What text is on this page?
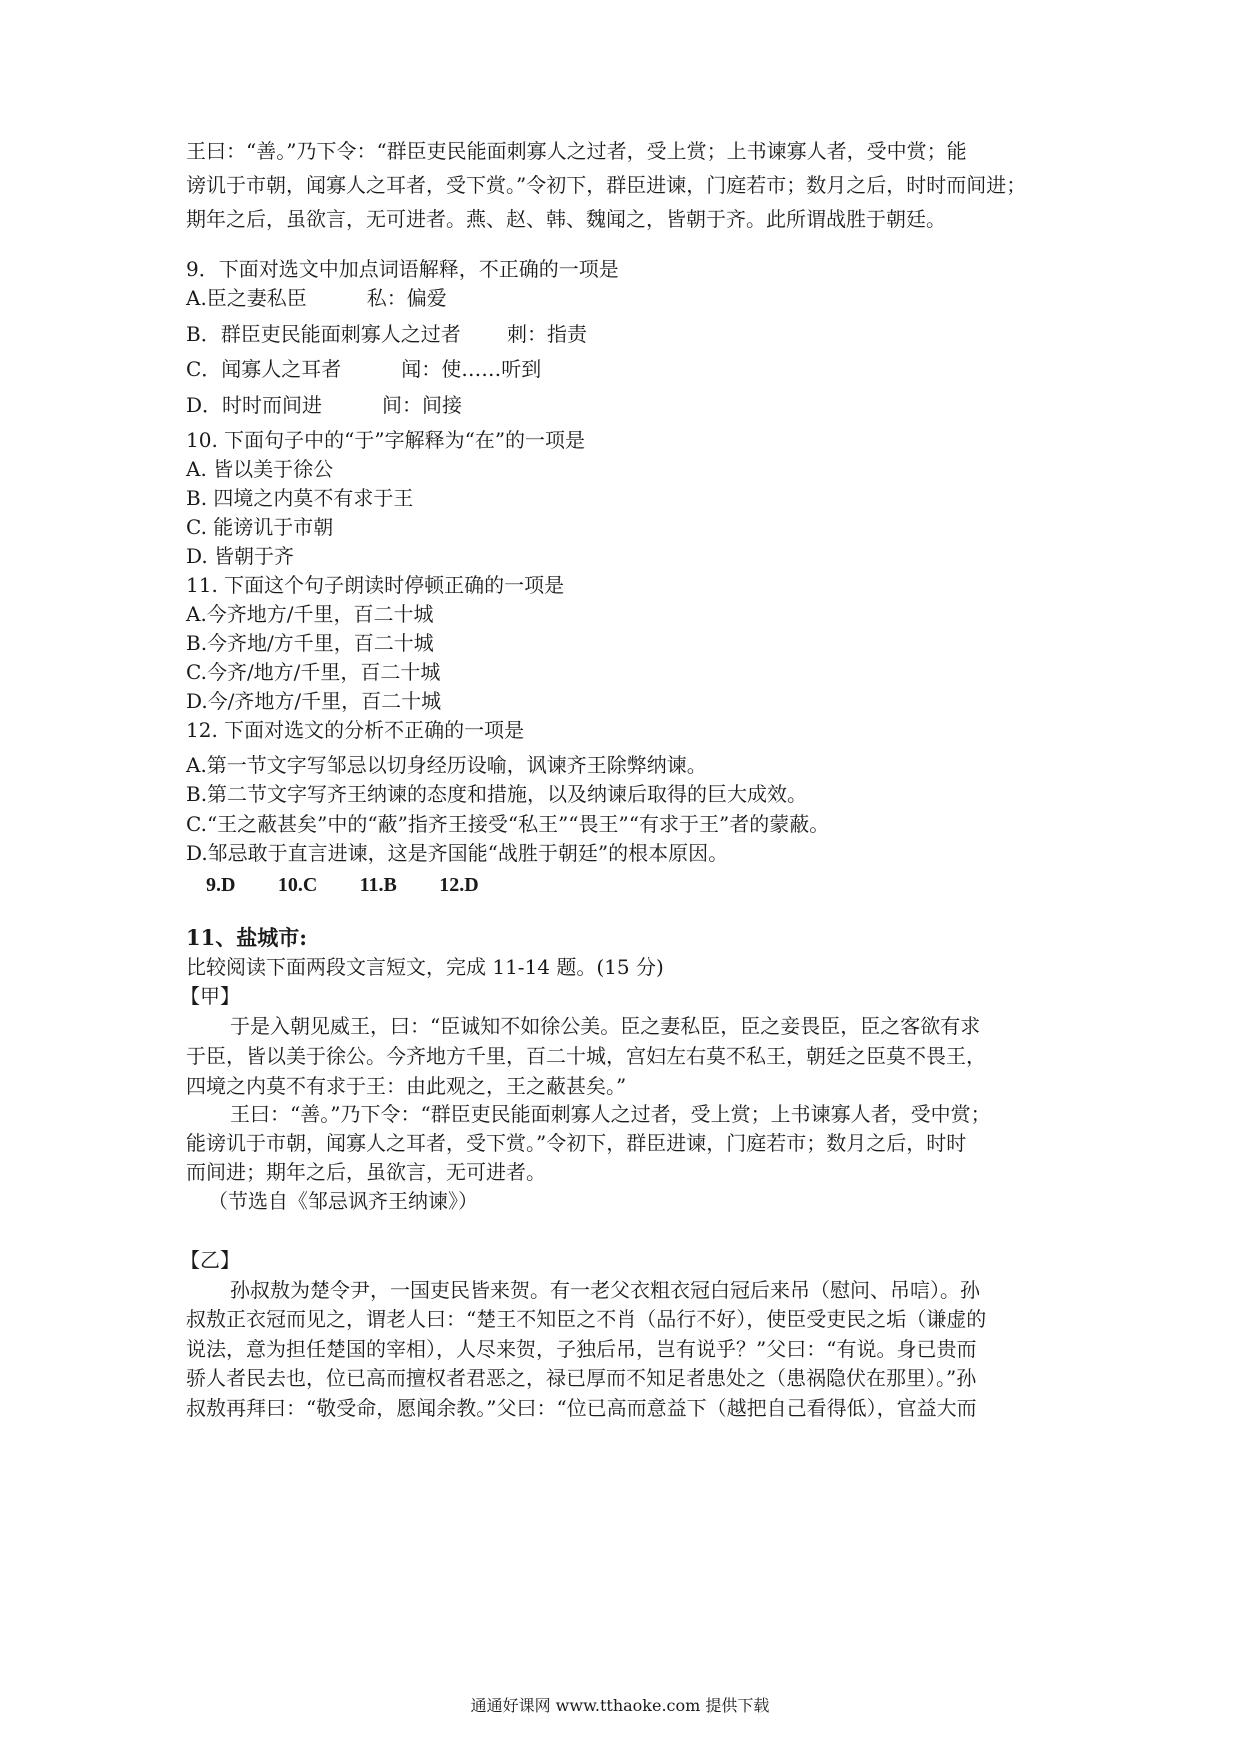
王曰：“善。”乃下令：“群臣吏民能面刺寡人之过者，受上赏；上书谏寡人者，受中赏；能
谤讥于市朝，闻寡人之耳者，受下赏。”令初下，群臣进谏，门庭若市；数月之后，时时而间进；
期年之后，虽欲言，无可进者。燕、赵、韩、魏闻之，皆朝于齐。此所谓战胜于朝廷。
9．下面对选文中加点词语解释，不正确的一项是
A.臣之妻私臣　　　私：偏爱
B．群臣吏民能面刺寡人之过者　　 刺：指责
C．闻寡人之耳者　　　闻：使……听到
D．时时而间进　　　间：间接
10. 下面句子中的“于”字解释为“在”的一项是
A. 皆以美于徐公
B. 四境之内莫不有求于王
C. 能谤讥于市朝
D. 皆朝于齐
11. 下面这个句子朗读时停顿正确的一项是
A.今齐地方/千里，百二十城
B.今齐地/方千里，百二十城
C.今齐/地方/千里，百二十城
D.今/齐地方/千里，百二十城
12. 下面对选文的分析不正确的一项是
A.第一节文字写邹忌以切身经历设喻，讽谏齐王除弊纳谏。
B.第二节文字写齐王纳谏的态度和措施，以及纳谏后取得的巨大成效。
C.“王之蔽甚矣”中的“蔽”指齐王接受“私王”“畏王”“有求于王”者的蒙蔽。
D.邹忌敢于直言进谏，这是齐国能“战胜于朝廷”的根本原因。
9.D 10.C 11.B 12.D
11、盐城市:
比较阅读下面两段文言短文，完成 11-14 题。(15 分)
【甲】
于是入朝见威王，曰：“臣诚知不如徐公美。臣之妻私臣，臣之妾畏臣，臣之客欲有求
于臣，皆以美于徐公。今齐地方千里，百二十城，宫妇左右莫不私王，朝廷之臣莫不畏王，
四境之内莫不有求于王：由此观之，王之蔽甚矣。”
王曰：“善。”乃下令：“群臣吏民能面刺寡人之过者，受上赏；上书谏寡人者，受中赏；
能谤讥于市朝，闻寡人之耳者，受下赏。”令初下，群臣进谏，门庭若市；数月之后，时时
而间进；期年之后，虽欲言，无可进者。
（节选自《邹忌讽齐王纳谏》）
【乙】
孙叔敖为楚令尹，一国吏民皆来贺。有一老父衣粗衣冠白冠后来吊（慰问、吊唁）。孙
叔敖正衣冠而见之，谓老人曰：“楚王不知臣之不肖（品行不好），使臣受吏民之垢（谦虚的
说法，意为担任楚国的宰相），人尽来贺，子独后吊，岂有说乎？”父曰：“有说。身已贵而
骄人者民去也，位已高而擅权者君恶之，禄已厚而不知足者患处之（患祸隐伏在那里）。”孙
叔敖再拜曰：“敬受命，愿闻余教。”父曰：“位已高而意益下（越把自己看得低），官益大而
通通好课网 www.tthaoke.com 提供下载
